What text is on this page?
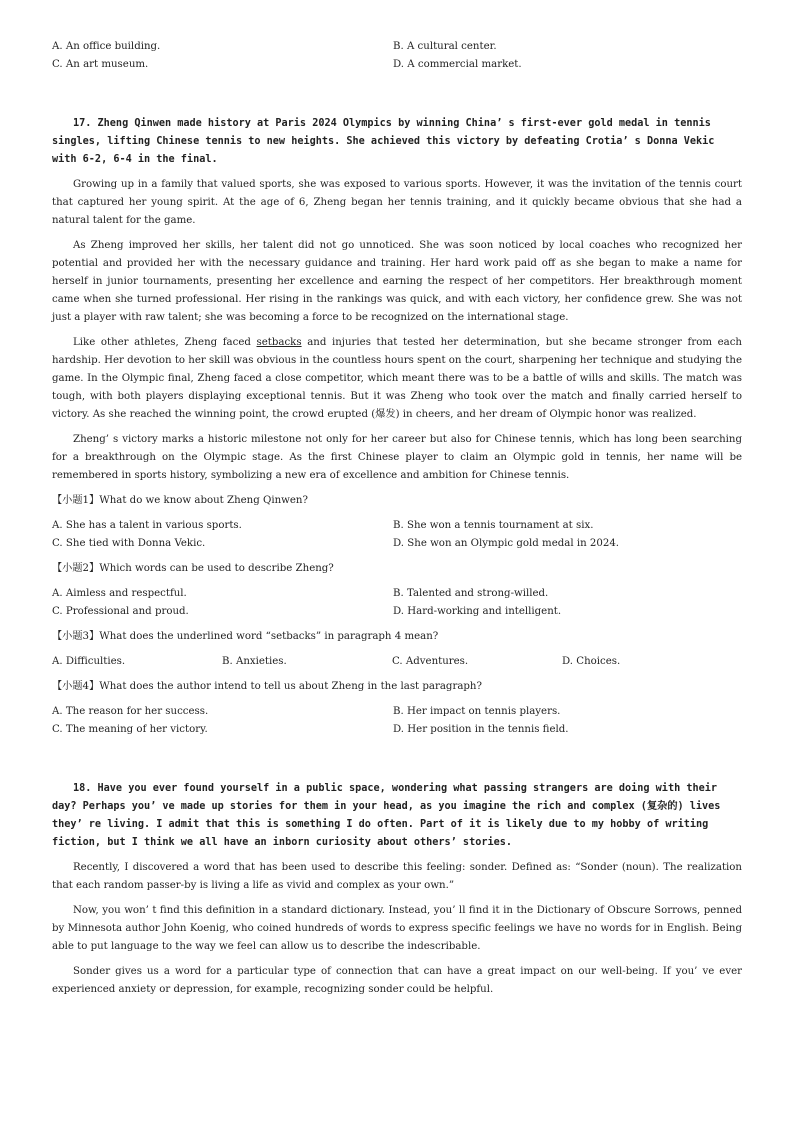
A. An office building.	B. A cultural center.
C. An art museum.	D. A commercial market.
17. Zheng Qinwen made history at Paris 2024 Olympics by winning China’ s first-ever gold medal in tennis singles, lifting Chinese tennis to new heights. She achieved this victory by defeating Crotia’ s Donna Vekic with 6-2, 6-4 in the final.
Growing up in a family that valued sports, she was exposed to various sports. However, it was the invitation of the tennis court that captured her young spirit. At the age of 6, Zheng began her tennis training, and it quickly became obvious that she had a natural talent for the game.
As Zheng improved her skills, her talent did not go unnoticed. She was soon noticed by local coaches who recognized her potential and provided her with the necessary guidance and training. Her hard work paid off as she began to make a name for herself in junior tournaments, presenting her excellence and earning the respect of her competitors. Her breakthrough moment came when she turned professional. Her rising in the rankings was quick, and with each victory, her confidence grew. She was not just a player with raw talent; she was becoming a force to be recognized on the international stage.
Like other athletes, Zheng faced setbacks and injuries that tested her determination, but she became stronger from each hardship. Her devotion to her skill was obvious in the countless hours spent on the court, sharpening her technique and studying the game. In the Olympic final, Zheng faced a close competitor, which meant there was to be a battle of wills and skills. The match was tough, with both players displaying exceptional tennis. But it was Zheng who took over the match and finally carried herself to victory. As she reached the winning point, the crowd erupted (爆发) in cheers, and her dream of Olympic honor was realized.
Zheng’ s victory marks a historic milestone not only for her career but also for Chinese tennis, which has long been searching for a breakthrough on the Olympic stage. As the first Chinese player to claim an Olympic gold in tennis, her name will be remembered in sports history, symbolizing a new era of excellence and ambition for Chinese tennis.
【小题1】What do we know about Zheng Qinwen?
A. She has a talent in various sports.	B. She won a tennis tournament at six.
C. She tied with Donna Vekic.	D. She won an Olympic gold medal in 2024.
【小题2】Which words can be used to describe Zheng?
A. Aimless and respectful.	B. Talented and strong-willed.
C. Professional and proud.	D. Hard-working and intelligent.
【小题3】What does the underlined word “setbacks” in paragraph 4 mean?
A. Difficulties.	B. Anxieties.	C. Adventures.	D. Choices.
【小题4】What does the author intend to tell us about Zheng in the last paragraph?
A. The reason for her success.	B. Her impact on tennis players.
C. The meaning of her victory.	D. Her position in the tennis field.
18. Have you ever found yourself in a public space, wondering what passing strangers are doing with their day? Perhaps you’ ve made up stories for them in your head, as you imagine the rich and complex (复杂的) lives they’ re living. I admit that this is something I do often. Part of it is likely due to my hobby of writing fiction, but I think we all have an inborn curiosity about others’ stories.
Recently, I discovered a word that has been used to describe this feeling: sonder. Defined as: “Sonder (noun). The realization that each random passer-by is living a life as vivid and complex as your own.”
Now, you won’ t find this definition in a standard dictionary. Instead, you’ ll find it in the Dictionary of Obscure Sorrows, penned by Minnesota author John Koenig, who coined hundreds of words to express specific feelings we have no words for in English. Being able to put language to the way we feel can allow us to describe the indescribable.
Sonder gives us a word for a particular type of connection that can have a great impact on our well-being. If you’ ve ever experienced anxiety or depression, for example, recognizing sonder could be helpful.
